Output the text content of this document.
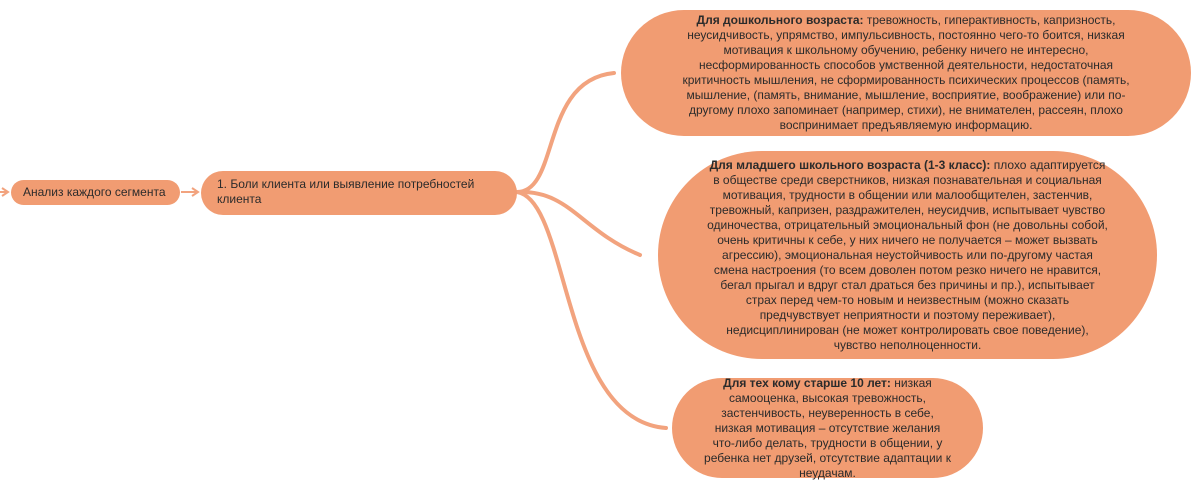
Анализ каждого сегмента
1. Боли клиента или выявление потребностей клиента

Для дошкольного возраста: тревожность, гиперактивность, капризность, неусидчивость, упрямство, импульсивность, постоянно чего-то боится, низкая мотивация к школьному обучению, ребенку ничего не интересно, несформированность способов умственной деятельности, недостаточная критичность мышления, не сформированность психических процессов (память, мышление, (память, внимание, мышление, восприятие, воображение) или по-другому плохо запоминает (например, стихи), не внимателен, рассеян, плохо воспринимает предъявляемую информацию.

Для младшего школьного возраста (1-3 класс): плохо адаптируется в обществе среди сверстников, низкая познавательная и социальная мотивация, трудности в общении или малообщителен, застенчив, тревожный, капризен, раздражителен, неусидчив, испытывает чувство одиночества, отрицательный эмоциональный фон (не довольны собой, очень критичны к себе, у них ничего не получается – может вызвать агрессию), эмоциональная неустойчивость или по-другому частая смена настроения (то всем доволен потом резко ничего не нравится, бегал прыгал и вдруг стал драться без причины и пр.), испытывает страх перед чем-то новым и неизвестным (можно сказать предчувствует неприятности и поэтому переживает), недисциплинирован (не может контролировать свое поведение), чувство неполноценности.

Для тех кому старше 10 лет: низкая самооценка, высокая тревожность, застенчивость, неуверенность в себе, низкая мотивация – отсутствие желания что-либо делать, трудности в общении, у ребенка нет друзей, отсутствие адаптации к неудачам.
